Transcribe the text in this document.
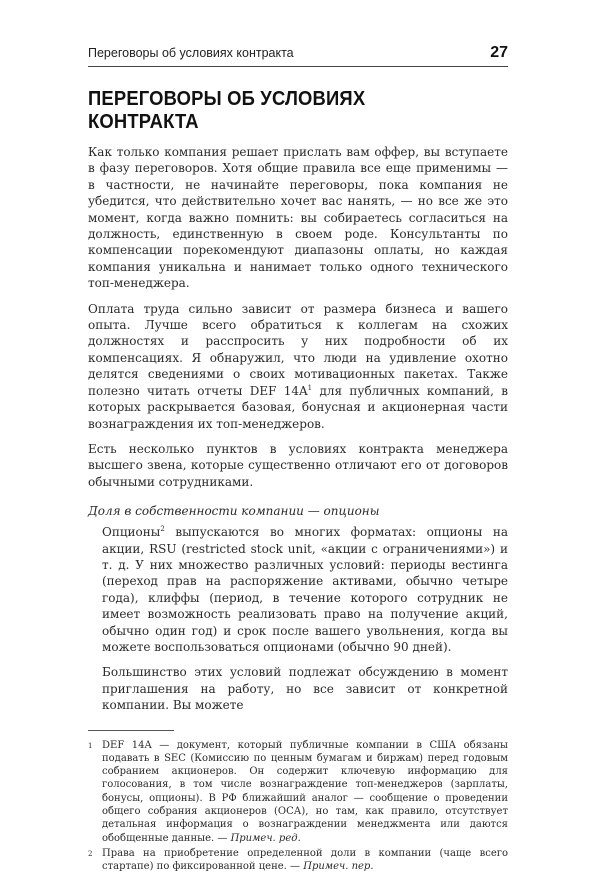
Переговоры об условиях контракта	27
ПЕРЕГОВОРЫ ОБ УСЛОВИЯХ КОНТРАКТА

Как только компания решает прислать вам оффер, вы вступаете в фазу переговоров. Хотя общие правила все еще применимы — в частности, не начинайте переговоры, пока компания не убедится, что действительно хочет вас нанять, — но все же это момент, когда важно помнить: вы собираетесь согласиться на должность, единственную в своем роде. Консультанты по компенсации порекомендуют диапазоны оплаты, но каждая компания уникальна и нанимает только одного технического топ-менеджера.

Оплата труда сильно зависит от размера бизнеса и вашего опыта. Лучше всего обратиться к коллегам на схожих должностях и расспросить у них подробности об их компенсациях. Я обнаружил, что люди на удивление охотно делятся сведениями о своих мотивационных пакетах. Также полезно читать отчеты DEF $14A^1$ для публичных компаний, в которых раскрывается базовая, бонусная и акционерная части вознаграждения их топ-менеджеров.

Есть несколько пунктов в условиях контракта менеджера высшего звена, которые существенно отличают его от договоров обычными сотрудниками.

Доля в собственности компании — опционы

Опционы$^2$ выпускаются во многих форматах: опционы на акции, RSU (restricted stock unit, «акции с ограничениями») и т. д. У них множество различных условий: периоды вестинга (переход прав на распоряжение активами, обычно четыре года), клиффы (период, в течение которого сотрудник не имеет возможность реализовать право на получение акций, обычно один год) и срок после вашего увольнения, когда вы можете воспользоваться опционами (обычно 90 дней).

Большинство этих условий подлежат обсуждению в момент приглашения на работу, но все зависит от конкретной компании. Вы можете

1 DEF 14A — документ, который публичные компании в США обязаны подавать в SEC (Комиссию по ценным бумагам и биржам) перед годовым собранием акционеров. Он содержит ключевую информацию для голосования, в том числе вознаграждение топ-менеджеров (зарплаты, бонусы, опционы). В РФ ближайший аналог — сообщение о проведении общего собрания акционеров (ОСА), но там, как правило, отсутствует детальная информация о вознаграждении менеджмента или даются обобщенные данные. — Примеч. ред.
2 Права на приобретение определенной доли в компании (чаще всего стартапе) по фиксированной цене. — Примеч. пер.
